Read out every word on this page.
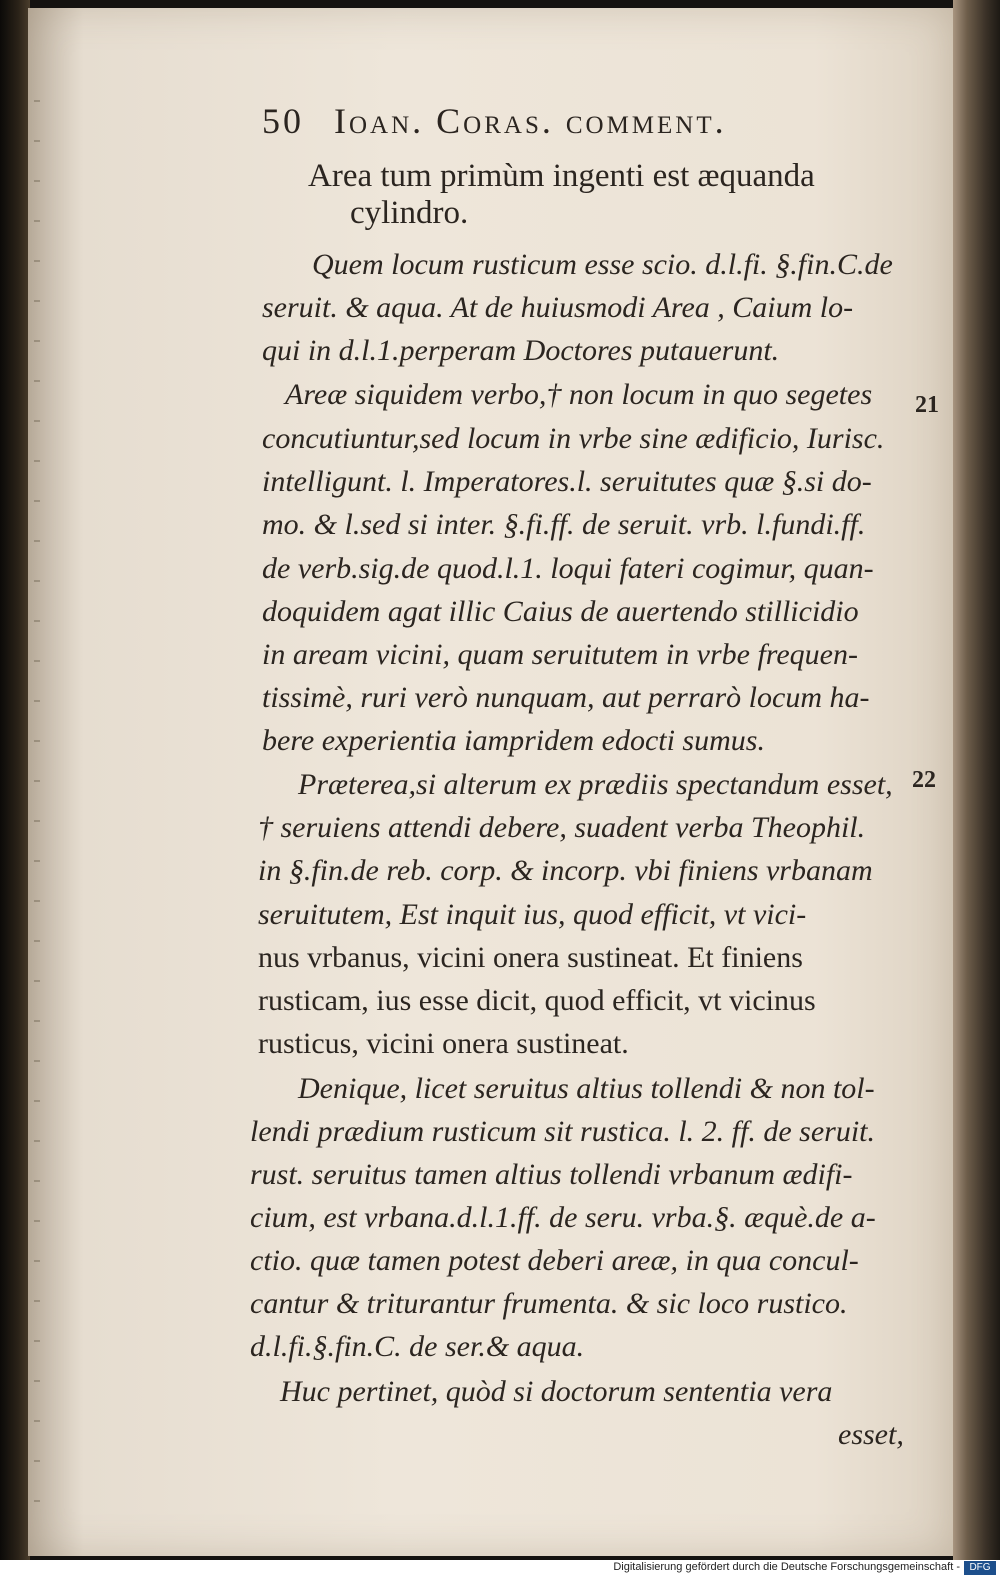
50 Ioan. Coras. comment.
Area tum primùm ingenti est æquanda
cylindro.
Quem locum rusticum esse scio. d.l.fi. §.fin.C.de
seruit. & aqua. At de huiusmodi Area , Caium lo-
qui in d.l.1.perperam Doctores putauerunt.
Areæ siquidem verbo,† non locum in quo segetes 21
concutiuntur,sed locum in vrbe sine ædificio, Iurisc.
intelligunt. l. Imperatores.l. seruitutes quæ §.si do-
mo. & l.sed si inter. §.fi.ff. de seruit. vrb. l.fundi.ff.
de verb.sig.de quod.l.1. loqui fateri cogimur, quan-
doquidem agat illic Caius de auertendo stillicidio
in aream vicini, quam seruitutem in vrbe frequen-
tissimè, ruri verò nunquam, aut perrarò locum ha-
bere experientia iampridem edocti sumus.
Præterea,si alterum ex prædiis spectandum esset, 22
† seruiens attendi debere, suadent verba Theophil.
in §.fin.de reb. corp. & incorp. vbi finiens vrbanam
seruitutem, Est inquit ius, quod efficit, vt vici-
nus vrbanus, vicini onera sustineat. Et finiens
rusticam, ius esse dicit, quod efficit, vt vicinus
rusticus, vicini onera sustineat.
Denique, licet seruitus altius tollendi & non tol-
lendi prædium rusticum sit rustica. l. 2. ff. de seruit.
rust. seruitus tamen altius tollendi vrbanum ædifi-
cium, est vrbana.d.l.1.ff. de seru. vrba.§. æquè.de a-
ctio. quæ tamen potest deberi areæ, in qua concul-
cantur & triturantur frumenta. & sic loco rustico.
d.l.fi.§.fin.C. de ser.& aqua.
Huc pertinet, quòd si doctorum sententia vera
esset,
Digitalisierung gefördert durch die Deutsche Forschungsgemeinschaft - DFG
